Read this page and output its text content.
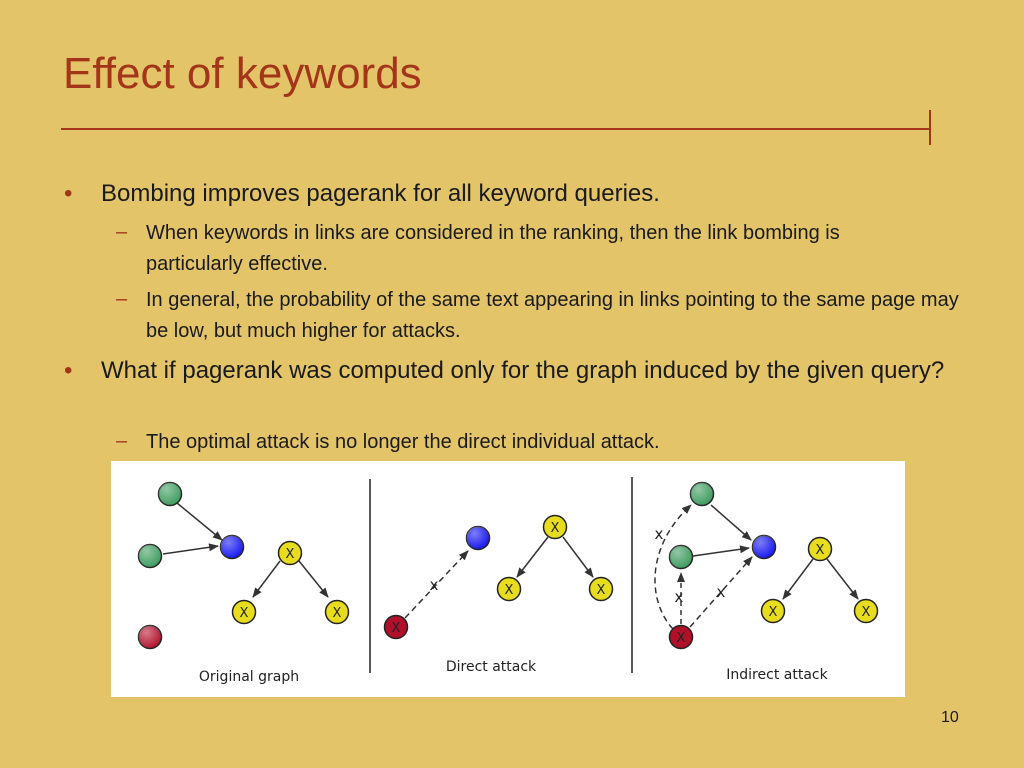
Effect of keywords
• Bombing improves pagerank for all keyword queries.
– When keywords in links are considered in the ranking, then the link bombing is particularly effective.
– In general, the probability of the same text appearing in links pointing to the same page may be low, but much higher for attacks.
• What if pagerank was computed only for the graph induced by the given query?
– The optimal attack is no longer the direct individual attack.
X
X	X
Original graph
x
X
X
X	X
Direct attack
x
x x
X
X
X	X
Indirect attack
10
